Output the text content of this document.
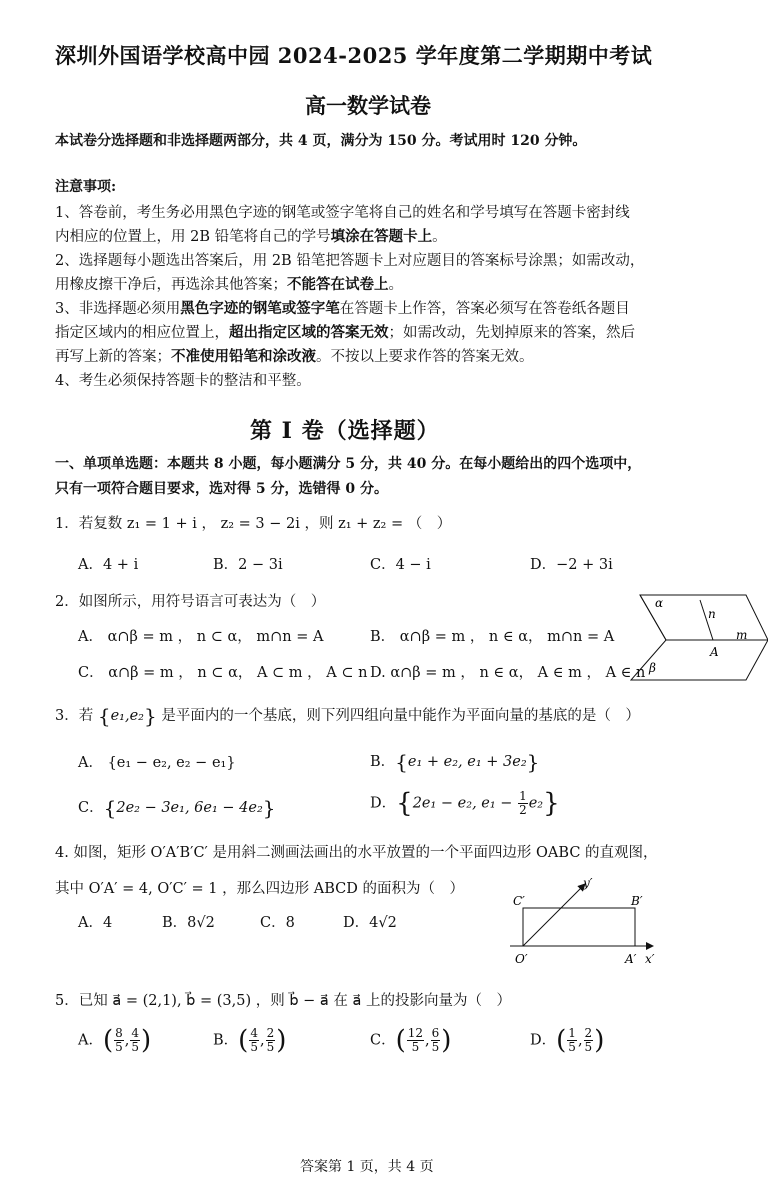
深圳外国语学校高中园 2024-2025 学年度第二学期期中考试
高一数学试卷
本试卷分选择题和非选择题两部分，共 4 页，满分为 150 分。考试用时 120 分钟。
注意事项:
1、答卷前，考生务必用黑色字迹的钢笔或签字笔将自己的姓名和学号填写在答题卡密封线
内相应的位置上，用 2B 铅笔将自己的学号填涂在答题卡上。
2、选择题每小题选出答案后，用 2B 铅笔把答题卡上对应题目的答案标号涂黑；如需改动，
用橡皮擦干净后，再选涂其他答案；不能答在试卷上。
3、非选择题必须用黑色字迹的钢笔或签字笔在答题卡上作答，答案必须写在答卷纸各题目
指定区域内的相应位置上，超出指定区域的答案无效；如需改动，先划掉原来的答案，然后
再写上新的答案；不准使用铅笔和涂改液。不按以上要求作答的答案无效。
4、考生必须保持答题卡的整洁和平整。
第 I 卷（选择题）
一、单项单选题：本题共 8 小题，每小题满分 5 分，共 40 分。在每小题给出的四个选项中，
只有一项符合题目要求，选对得 5 分，选错得 0 分。
1．若复数 z₁ = 1 + i ， z₂ = 3 − 2i ，则 z₁ + z₂ = （　）
A．4 + i	B．2 − 3i	C．4 − i	D．−2 + 3i
2．如图所示，用符号语言可表达为（　）
A． α∩β = m ， n ⊂ α， m∩n = A	B． α∩β = m ， n ∈ α， m∩n = A
C． α∩β = m ， n ⊂ α， A ⊂ m ， A ⊂ n D. α∩β = m ， n ∈ α， A ∈ m ， A ∈ n
α
n
m
A
β
3．若 {e₁,e₂} 是平面内的一个基底，则下列四组向量中能作为平面向量的基底的是（　）
A． {e₁ − e₂, e₂ − e₁}	B．{e₁ + e₂, e₁ + 3e₂}
C．{2e₂ − 3e₁, 6e₁ − 4e₂}	D．{2e₁ − e₂, $e_1 - \frac{1}{2} e_2$}
4. 如图，矩形 O′A′B′C′ 是用斜二测画法画出的水平放置的一个平面四边形 OABC 的直观图，
其中 O′A′ = 4, O′C′ = 1 ，那么四边形 ABCD 的面积为（　）
A．4	B．8√2	C．8	D．4√2
C′	B′
O′	A′ x′
y′
5．已知 a⃗ = (2,1), b⃗ = (3,5) ，则 b⃗ − a⃗ 在 a⃗ 上的投影向量为（　）
A．( $\frac{8}{5}$ , $\frac{4}{5}$ )	B．( $\frac{4}{5}$ , $\frac{2}{5}$ )	C．( $\frac{12}{5}$ , $\frac{6}{5}$ )	D．( $\frac{1}{5}$ , $\frac{2}{5}$ )
答案第 1 页，共 4 页
